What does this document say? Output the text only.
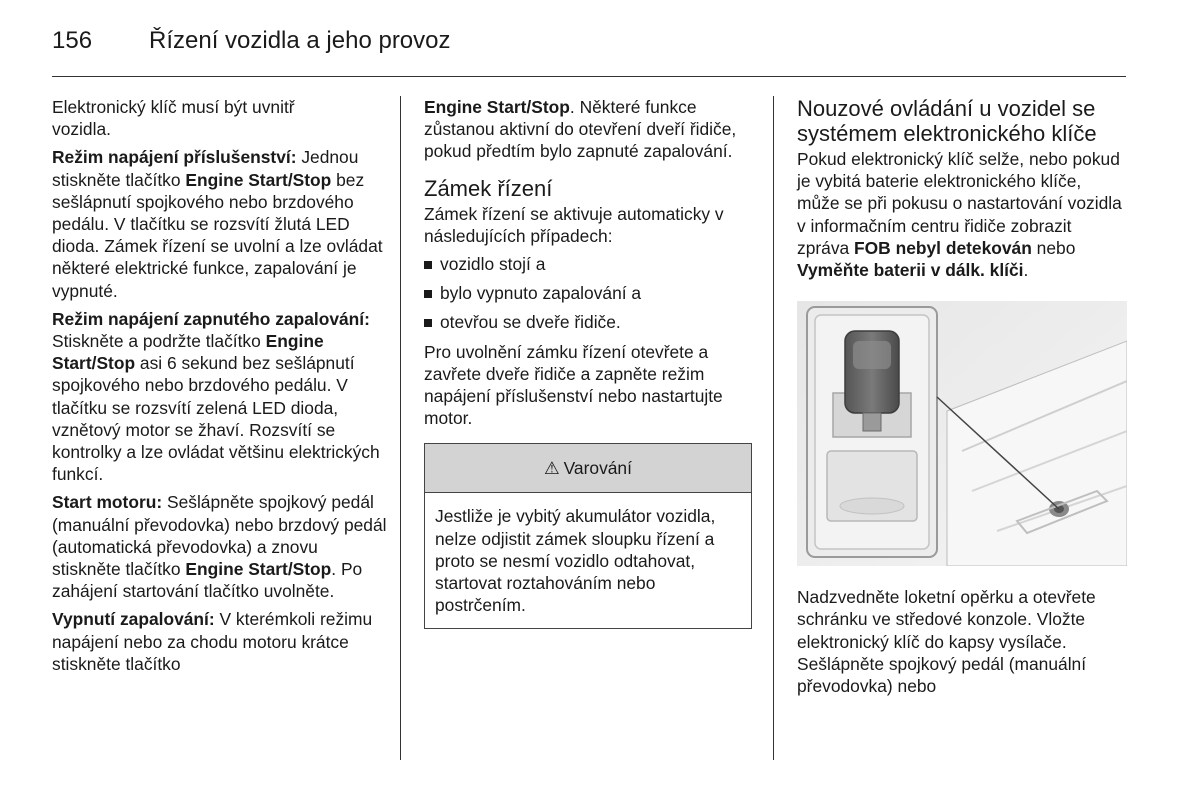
156 Řízení vozidla a jeho provoz

Elektronický klíč musí být uvnitř
vozidla.

Režim napájení příslušenství: Jednou stiskněte tlačítko Engine Start/Stop bez sešlápnutí spojkového nebo brzdového pedálu. V tlačítku se rozsvítí žlutá LED dioda. Zámek řízení se uvolní a lze ovládat některé elektrické funkce, zapalování je vypnuté.

Režim napájení zapnutého zapalování: Stiskněte a podržte tlačítko Engine Start/Stop asi 6 sekund bez sešlápnutí spojkového nebo brzdového pedálu. V tlačítku se rozsvítí zelená LED dioda, vznětový motor se žhaví. Rozsvítí se kontrolky a lze ovládat většinu elektrických funkcí.

Start motoru: Sešlápněte spojkový pedál (manuální převodovka) nebo brzdový pedál (automatická převodovka) a znovu stiskněte tlačítko Engine Start/Stop. Po zahájení startování tlačítko uvolněte.

Vypnutí zapalování: V kterémkoli režimu napájení nebo za chodu motoru krátce stiskněte tlačítko

Engine Start/Stop. Některé funkce zůstanou aktivní do otevření dveří řidiče, pokud předtím bylo zapnuté zapalování.

Zámek řízení

Zámek řízení se aktivuje automaticky v následujících případech:

vozidlo stojí a
bylo vypnuto zapalování a
otevřou se dveře řidiče.

Pro uvolnění zámku řízení otevřete a zavřete dveře řidiče a zapněte režim napájení příslušenství nebo nastartujte motor.

⚠ Varování
Jestliže je vybitý akumulátor vozidla, nelze odjistit zámek sloupku řízení a proto se nesmí vozidlo odtahovat, startovat roztahováním nebo postrčením.
Nouzové ovládání u vozidel se systémem elektronického klíče

Pokud elektronický klíč selže, nebo pokud je vybitá baterie elektronického klíče, může se při pokusu o nastartování vozidla v informačním centru řidiče zobrazit zpráva FOB nebyl detekován nebo Vyměňte baterii v dálk. klíči.

Nadzvedněte loketní opěrku a otevřete schránku ve středové konzole. Vložte elektronický klíč do kapsy vysílače. Sešlápněte spojkový pedál (manuální převodovka) nebo
